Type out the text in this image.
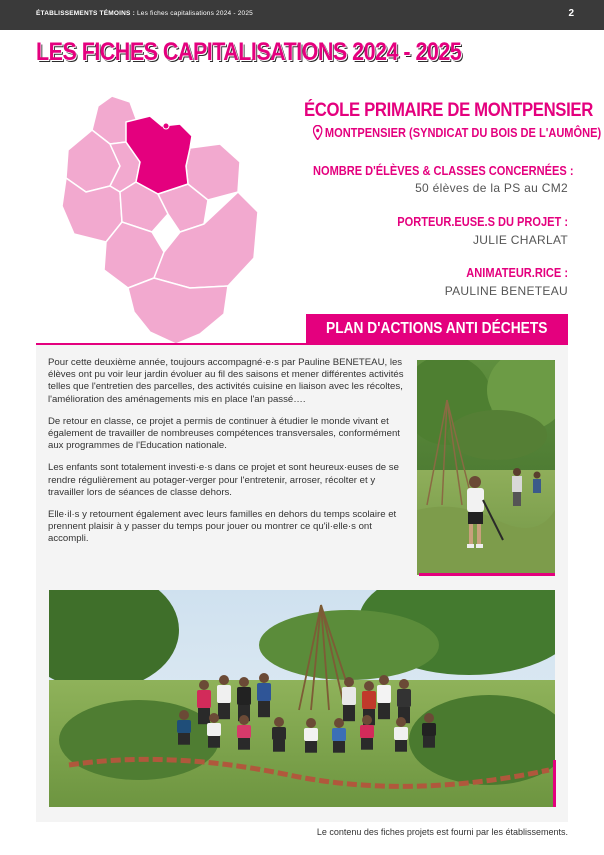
ÉTABLISSEMENTS TÉMOINS : Les fiches capitalisations 2024 - 2025	2
LES FICHES CAPITALISATIONS 2024 - 2025
ÉCOLE PRIMAIRE DE MONTPENSIER
MONTPENSIER (SYNDICAT DU BOIS DE L'AUMÔNE)
NOMBRE D'ÉLÈVES & CLASSES CONCERNÉES :
50 élèves de la PS au CM2
PORTEUR.EUSE.S DU PROJET :
JULIE CHARLAT
ANIMATEUR.RICE :
PAULINE BENETEAU
PLAN D'ACTIONS ANTI DÉCHETS

Pour cette deuxième année, toujours accompagné·e·s par Pauline BENETEAU, les élèves ont pu voir leur jardin évoluer au fil des saisons et mener différentes activités telles que l'entretien des parcelles, des activités cuisine en liaison avec les récoltes, l'amélioration des aménagements mis en place l'an passé….

De retour en classe, ce projet a permis de continuer à étudier le monde vivant et également de travailler de nombreuses compétences transversales, conformément aux programmes de l'Education nationale.

Les enfants sont totalement investi·e·s dans ce projet et sont heureux·euses de se rendre régulièrement au potager-verger pour l'entretenir, arroser, récolter et y travailler lors de séances de classe dehors.

Elle·il·s y retournent également avec leurs familles en dehors du temps scolaire et prennent plaisir à y passer du temps pour jouer ou montrer ce qu'il·elle·s ont accompli.

Le contenu des fiches projets est fourni par les établissements.
